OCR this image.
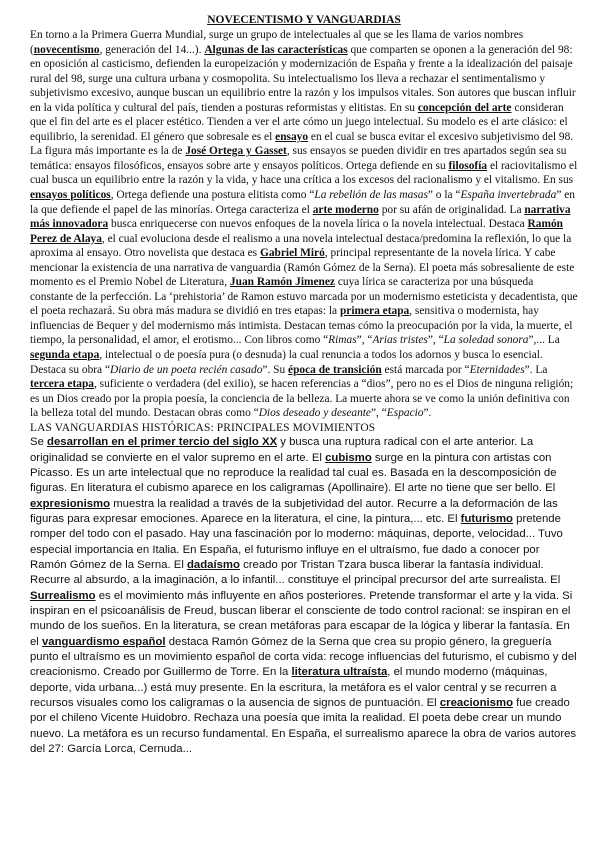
NOVECENTISMO Y VANGUARDIAS

En torno a la Primera Guerra Mundial, surge un grupo de intelectuales al que se les llama de varios nombres (novecentismo, generación del 14...). Algunas de las características que comparten se oponen a la generación del 98: en oposición al casticismo, defienden la europeización y modernización de España y frente a la idealización del paisaje rural del 98, surge una cultura urbana y cosmopolita. Su intelectualismo los lleva a rechazar el sentimentalismo y subjetivismo excesivo, aunque buscan un equilibrio entre la razón y los impulsos vitales. Son autores que buscan influir en la vida política y cultural del país, tienden a posturas reformistas y elitistas. En su concepción del arte consideran que el fin del arte es el placer estético. Tienden a ver el arte cómo un juego intelectual. Su modelo es el arte clásico: el equilibrio, la serenidad. El género que sobresale es el ensayo en el cual se busca evitar el excesivo subjetivismo del 98. La figura más importante es la de José Ortega y Gasset, sus ensayos se pueden dividir en tres apartados según sea su temática: ensayos filosóficos, ensayos sobre arte y ensayos políticos. Ortega defiende en su filosofía el raciovitalismo el cual busca un equilibrio entre la razón y la vida, y hace una crítica a los excesos del racionalismo y el vitalismo. En sus ensayos políticos, Ortega defiende una postura elitista como “La rebelión de las masas” o la “España invertebrada” en la que defiende el papel de las minorías. Ortega caracteriza el arte moderno por su afán de originalidad. La narrativa más innovadora busca enriquecerse con nuevos enfoques de la novela lírica o la novela intelectual. Destaca Ramón Perez de Alaya, el cual evoluciona desde el realismo a una novela intelectual destaca/predomina la reflexión, lo que la aproxima al ensayo. Otro novelista que destaca es Gabriel Miró, principal representante de la novela lírica. Y cabe mencionar la existencia de una narrativa de vanguardia (Ramón Gómez de la Serna). El poeta más sobresaliente de este momento es el Premio Nobel de Literatura, Juan Ramón Jimenez cuya lírica se caracteriza por una búsqueda constante de la perfección. La ‘prehistoria’ de Ramon estuvo marcada por un modernismo esteticista y decadentista, que el poeta rechazará. Su obra más madura se dividió en tres etapas: la primera etapa, sensitiva o modernista, hay influencias de Bequer y del modernismo más intimista. Destacan temas cómo la preocupación por la vida, la muerte, el tiempo, la personalidad, el amor, el erotismo... Con libros como “Rimas”, “Arias tristes”, “La soledad sonora”,... La segunda etapa, intelectual o de poesía pura (o desnuda) la cual renuncia a todos los adornos y busca lo esencial. Destaca su obra “Diario de un poeta recién casado”. Su época de transición está marcada por “Eternidades”. La tercera etapa, suficiente o verdadera (del exilio), se hacen referencias a “dios”, pero no es el Dios de ninguna religión; es un Dios creado por la propia poesía, la conciencia de la belleza. La muerte ahora se ve como la unión definitiva con la belleza total del mundo. Destacan obras como “Dios deseado y deseante”, “Espacio”.

LAS VANGUARDIAS HISTÓRICAS: PRINCIPALES MOVIMIENTOS

Se desarrollan en el primer tercio del siglo XX y busca una ruptura radical con el arte anterior. La originalidad se convierte en el valor supremo en el arte. El cubismo surge en la pintura con artistas con Picasso. Es un arte intelectual que no reproduce la realidad tal cual es. Basada en la descomposición de figuras. En literatura el cubismo aparece en los caligramas (Apollinaire). El arte no tiene que ser bello. El expresionismo muestra la realidad a través de la subjetividad del autor. Recurre a la deformación de las figuras para expresar emociones. Aparece en la literatura, el cine, la pintura,... etc. El futurismo pretende romper del todo con el pasado. Hay una fascinación por lo moderno: máquinas, deporte, velocidad... Tuvo especial importancia en Italia. En España, el futurismo influye en el ultraísmo, fue dado a conocer por Ramón Gómez de la Serna. El dadaísmo creado por Tristan Tzara busca liberar la fantasía individual. Recurre al absurdo, a la imaginación, a lo infantil... constituye el principal precursor del arte surrealista. El Surrealismo es el movimiento más influyente en años posteriores. Pretende transformar el arte y la vida. Si inspiran en el psicoanálisis de Freud, buscan liberar el consciente de todo control racional: se inspiran en el mundo de los sueños. En la literatura, se crean metáforas para escapar de la lógica y liberar la fantasía. En el vanguardismo español destaca Ramón Gómez de la Serna que crea su propio género, la greguería punto el ultraísmo es un movimiento español de corta vida: recoge influencias del futurismo, el cubismo y del creacionismo. Creado por Guillermo de Torre. En la literatura ultraísta, el mundo moderno (máquinas, deporte, vida urbana...) está muy presente. En la escritura, la metáfora es el valor central y se recurren a recursos visuales como los caligramas o la ausencia de signos de puntuación. El creacionismo fue creado por el chileno Vicente Huidobro. Rechaza una poesía que imita la realidad. El poeta debe crear un mundo nuevo. La metáfora es un recurso fundamental. En España, el surrealismo aparece la obra de varios autores del 27: García Lorca, Cernuda...
